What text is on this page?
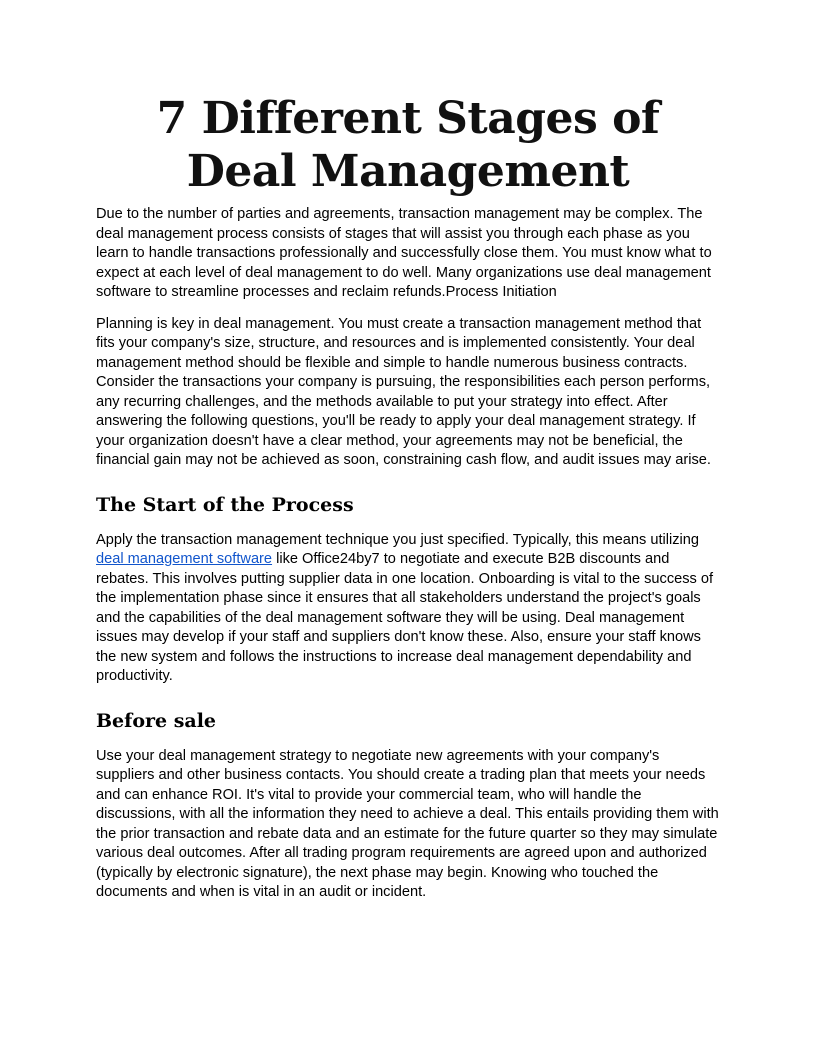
7 Different Stages of Deal Management

Due to the number of parties and agreements, transaction management may be complex. The deal management process consists of stages that will assist you through each phase as you learn to handle transactions professionally and successfully close them. You must know what to expect at each level of deal management to do well. Many organizations use deal management software to streamline processes and reclaim refunds.Process Initiation

Planning is key in deal management. You must create a transaction management method that fits your company's size, structure, and resources and is implemented consistently. Your deal management method should be flexible and simple to handle numerous business contracts. Consider the transactions your company is pursuing, the responsibilities each person performs, any recurring challenges, and the methods available to put your strategy into effect. After answering the following questions, you'll be ready to apply your deal management strategy. If your organization doesn't have a clear method, your agreements may not be beneficial, the financial gain may not be achieved as soon, constraining cash flow, and audit issues may arise.

The Start of the Process

Apply the transaction management technique you just specified. Typically, this means utilizing deal management software like Office24by7 to negotiate and execute B2B discounts and rebates. This involves putting supplier data in one location. Onboarding is vital to the success of the implementation phase since it ensures that all stakeholders understand the project's goals and the capabilities of the deal management software they will be using. Deal management issues may develop if your staff and suppliers don't know these. Also, ensure your staff knows the new system and follows the instructions to increase deal management dependability and productivity.

Before sale

Use your deal management strategy to negotiate new agreements with your company's suppliers and other business contacts. You should create a trading plan that meets your needs and can enhance ROI. It's vital to provide your commercial team, who will handle the discussions, with all the information they need to achieve a deal. This entails providing them with the prior transaction and rebate data and an estimate for the future quarter so they may simulate various deal outcomes. After all trading program requirements are agreed upon and authorized (typically by electronic signature), the next phase may begin. Knowing who touched the documents and when is vital in an audit or incident.
